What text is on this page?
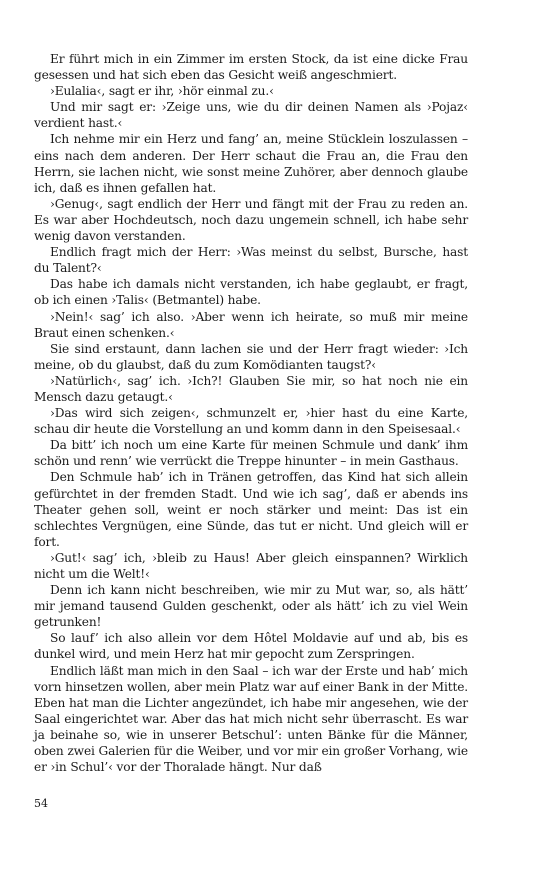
Er führt mich in ein Zimmer im ersten Stock, da ist eine dicke Frau gesessen und hat sich eben das Gesicht weiß angeschmiert.

›Eulalia‹, sagt er ihr, ›hör einmal zu.‹

Und mir sagt er: ›Zeige uns, wie du dir deinen Namen als ›Pojaz‹ verdient hast.‹

Ich nehme mir ein Herz und fang’ an, meine Stücklein loszulassen – eins nach dem anderen. Der Herr schaut die Frau an, die Frau den Herrn, sie lachen nicht, wie sonst meine Zuhörer, aber dennoch glaube ich, daß es ihnen gefallen hat.

›Genug‹, sagt endlich der Herr und fängt mit der Frau zu reden an. Es war aber Hochdeutsch, noch dazu ungemein schnell, ich habe sehr wenig davon verstanden.

Endlich fragt mich der Herr: ›Was meinst du selbst, Bursche, hast du Talent?‹

Das habe ich damals nicht verstanden, ich habe geglaubt, er fragt, ob ich einen ›Talis‹ (Betmantel) habe.

›Nein!‹ sag’ ich also. ›Aber wenn ich heirate, so muß mir meine Braut einen schenken.‹

Sie sind erstaunt, dann lachen sie und der Herr fragt wieder: ›Ich meine, ob du glaubst, daß du zum Komödianten taugst?‹

›Natürlich‹, sag’ ich. ›Ich?! Glauben Sie mir, so hat noch nie ein Mensch dazu getaugt.‹

›Das wird sich zeigen‹, schmunzelt er, ›hier hast du eine Karte, schau dir heute die Vorstellung an und komm dann in den Speisesaal.‹

Da bitt’ ich noch um eine Karte für meinen Schmule und dank’ ihm schön und renn’ wie verrückt die Treppe hinunter – in mein Gasthaus.

Den Schmule hab’ ich in Tränen getroffen, das Kind hat sich allein gefürchtet in der fremden Stadt. Und wie ich sag’, daß er abends ins Theater gehen soll, weint er noch stärker und meint: Das ist ein schlechtes Vergnügen, eine Sünde, das tut er nicht. Und gleich will er fort.

›Gut!‹ sag’ ich, ›bleib zu Haus! Aber gleich einspannen? Wirklich nicht um die Welt!‹

Denn ich kann nicht beschreiben, wie mir zu Mut war, so, als hätt’ mir jemand tausend Gulden geschenkt, oder als hätt’ ich zu viel Wein getrunken!

So lauf’ ich also allein vor dem Hôtel Moldavie auf und ab, bis es dunkel wird, und mein Herz hat mir gepocht zum Zerspringen.

Endlich läßt man mich in den Saal – ich war der Erste und hab’ mich vorn hinsetzen wollen, aber mein Platz war auf einer Bank in der Mitte. Eben hat man die Lichter angezündet, ich habe mir angesehen, wie der Saal eingerichtet war. Aber das hat mich nicht sehr überrascht. Es war ja beinahe so, wie in unserer Betschul’: unten Bänke für die Männer, oben zwei Galerien für die Weiber, und vor mir ein großer Vorhang, wie er ›in Schul’‹ vor der Thoralade hängt. Nur daß

54
